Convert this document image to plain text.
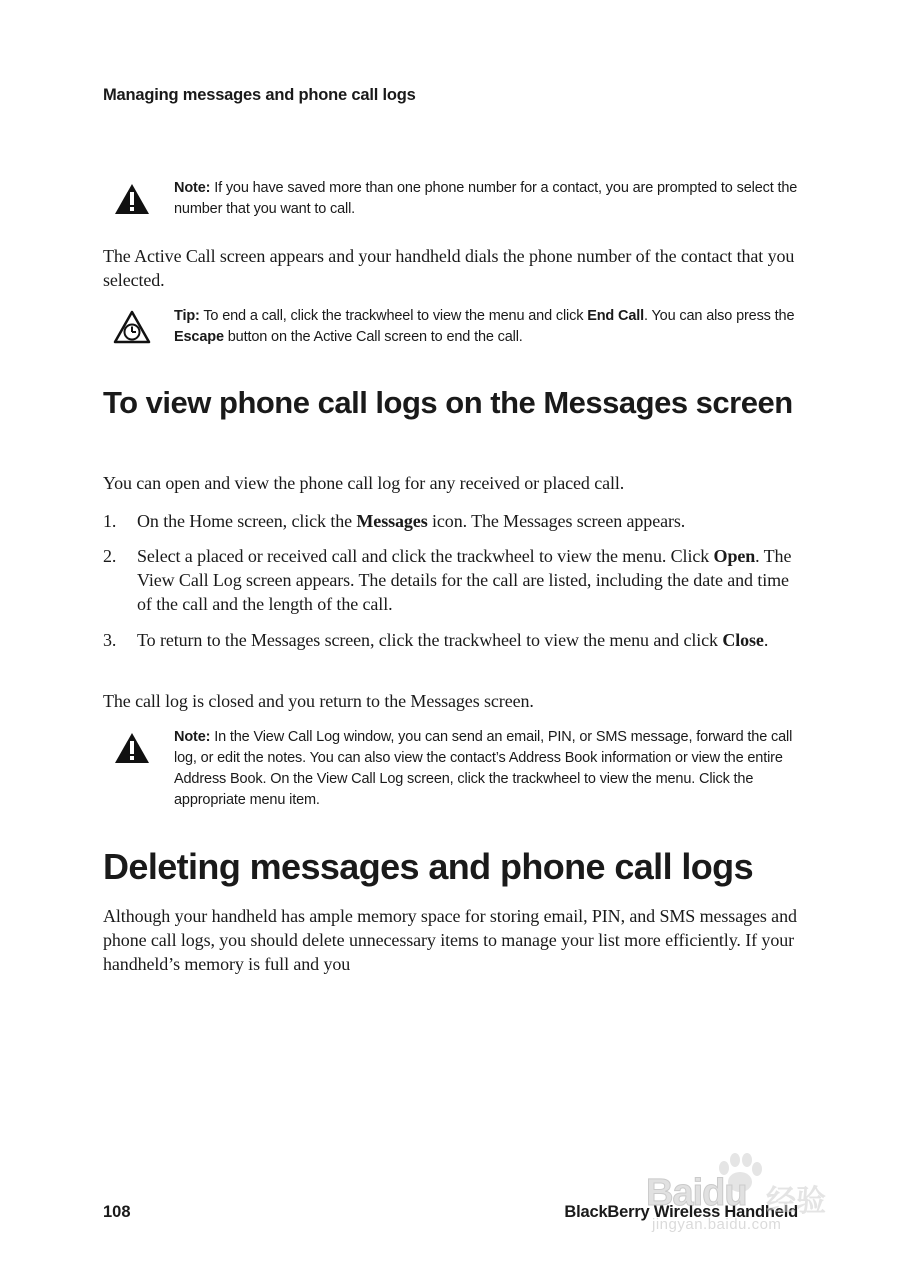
Managing messages and phone call logs
Note: If you have saved more than one phone number for a contact, you are prompted to select the number that you want to call.
The Active Call screen appears and your handheld dials the phone number of the contact that you selected.
Tip: To end a call, click the trackwheel to view the menu and click End Call. You can also press the Escape button on the Active Call screen to end the call.
To view phone call logs on the Messages screen
You can open and view the phone call log for any received or placed call.
1.	On the Home screen, click the Messages icon. The Messages screen appears.
2.	Select a placed or received call and click the trackwheel to view the menu. Click Open. The View Call Log screen appears. The details for the call are listed, including the date and time of the call and the length of the call.
3.	To return to the Messages screen, click the trackwheel to view the menu and click Close.
The call log is closed and you return to the Messages screen.
Note: In the View Call Log window, you can send an email, PIN, or SMS message, forward the call log, or edit the notes. You can also view the contact’s Address Book information or view the entire Address Book. On the View Call Log screen, click the trackwheel to view the menu. Click the appropriate menu item.
Deleting messages and phone call logs
Although your handheld has ample memory space for storing email, PIN, and SMS messages and phone call logs, you should delete unnecessary items to manage your list more efficiently. If your handheld’s memory is full and you
108	BlackBerry Wireless Handheld
Baidu 经验
jingyan.baidu.com
